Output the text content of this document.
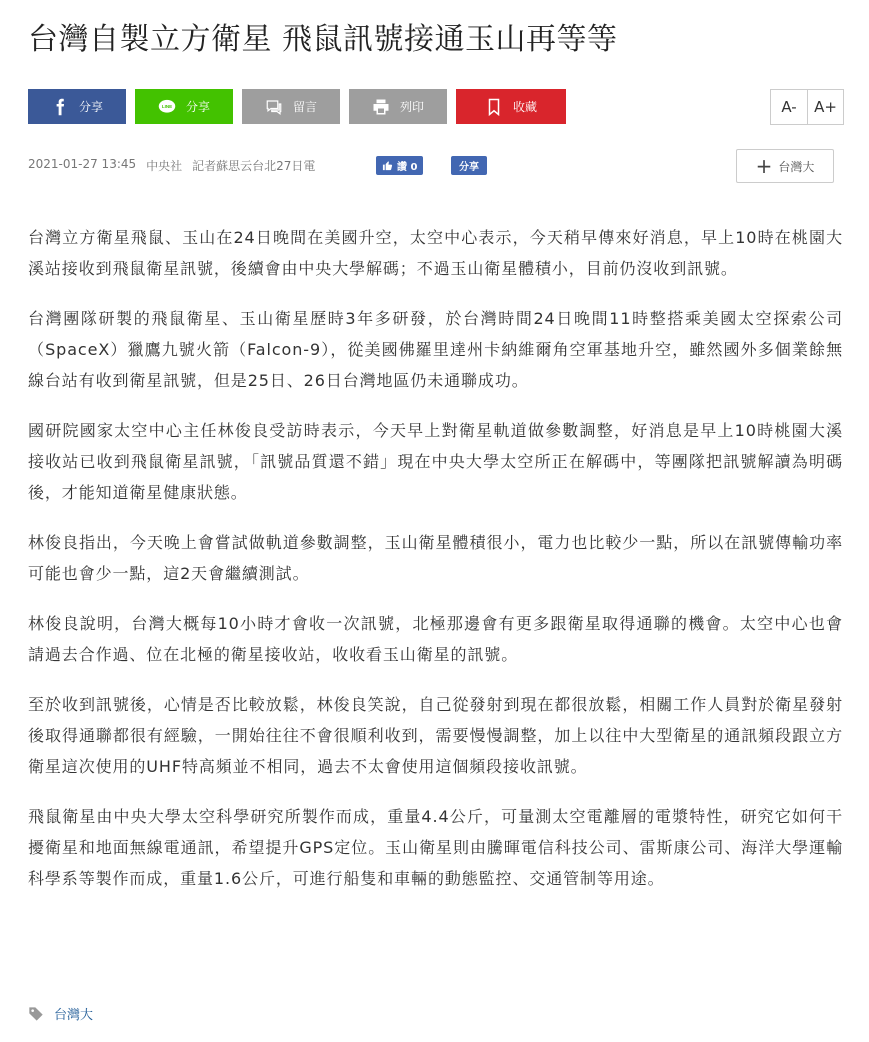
台灣自製立方衛星 飛鼠訊號接通玉山再等等
分享	LINE 分享	留言	列印	收藏	A-	A+
2021-01-27 13:45 中央社 記者蘇思云台北27日電	讚 0	分享	+ 台灣大

台灣立方衛星飛鼠、玉山在24日晚間在美國升空，太空中心表示，今天稍早傳來好消息，早上10時在桃園大溪站接收到飛鼠衛星訊號，後續會由中央大學解碼；不過玉山衛星體積小，目前仍沒收到訊號。

台灣團隊研製的飛鼠衛星、玉山衛星歷時3年多研發，於台灣時間24日晚間11時整搭乘美國太空探索公司（SpaceX）獵鷹九號火箭（Falcon-9），從美國佛羅里達州卡納維爾角空軍基地升空，雖然國外多個業餘無線台站有收到衛星訊號，但是25日、26日台灣地區仍未通聯成功。

國研院國家太空中心主任林俊良受訪時表示，今天早上對衛星軌道做參數調整，好消息是早上10時桃園大溪接收站已收到飛鼠衛星訊號，「訊號品質還不錯」現在中央大學太空所正在解碼中，等團隊把訊號解讀為明碼後，才能知道衛星健康狀態。

林俊良指出，今天晚上會嘗試做軌道參數調整，玉山衛星體積很小，電力也比較少一點，所以在訊號傳輸功率可能也會少一點，這2天會繼續測試。

林俊良說明，台灣大概每10小時才會收一次訊號，北極那邊會有更多跟衛星取得通聯的機會。太空中心也會請過去合作過、位在北極的衛星接收站，收收看玉山衛星的訊號。

至於收到訊號後，心情是否比較放鬆，林俊良笑說，自己從發射到現在都很放鬆，相關工作人員對於衛星發射後取得通聯都很有經驗，一開始往往不會很順利收到，需要慢慢調整，加上以往中大型衛星的通訊頻段跟立方衛星這次使用的UHF特高頻並不相同，過去不太會使用這個頻段接收訊號。

飛鼠衛星由中央大學太空科學研究所製作而成，重量4.4公斤，可量測太空電離層的電漿特性，研究它如何干擾衛星和地面無線電通訊，希望提升GPS定位。玉山衛星則由騰暉電信科技公司、雷斯康公司、海洋大學運輸科學系等製作而成，重量1.6公斤，可進行船隻和車輛的動態監控、交通管制等用途。

台灣大
